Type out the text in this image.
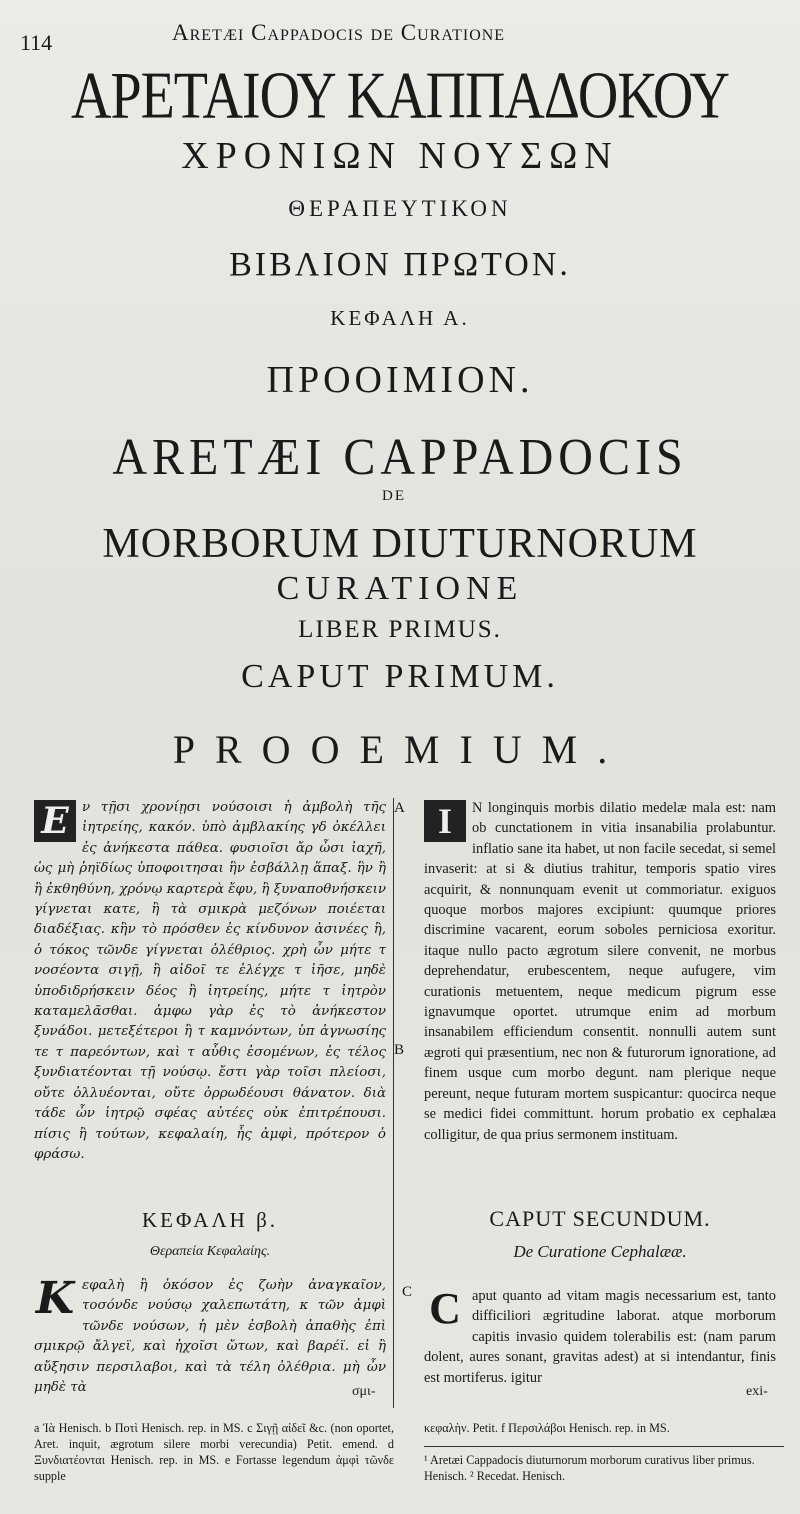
114	Aretæi Cappadocis de Curatione
ΑΡΕΤΑΙΟΥ ΚΑΠΠΑΔΟΚΟΥ
ΧΡΟΝΙΩΝ ΝΟΥΣΩΝ
ΘΕΡΑΠΕΥΤΙΚΟΝ
ΒΙΒΛΙΟΝ ΠΡΩΤΟΝ.
ΚΕΦΑΛΗ Α.
ΠΡΟΟΙΜΙΟΝ.
ARETÆI CAPPADOCIS
DE
MORBORUM DIUTURNORUM
CURATIONE
LIBER PRIMUS.
CAPUT PRIMUM.
PROOEMIUM.
A
B
C
Ε ν τῇσι χρονίῃσι νούσοισι ἡ ἀμβολὴ τῆς ἰητρείης, κακόν. ὑπὸ ἀμβλακίης γδ ὀκέλλει ἐς ἀνήκεστα πάθεα. φυσιοῖσι ἄρ ὦσι ἰαχῆ, ὡς μὴ ῥηϊδίως ὑποφοιτησαι ἣν ἐσβάλλῃ ἅπαξ. ἣν ἢ ἢ ἐκθηθύνη, χρόνῳ καρτερὰ ἔφυ, ἢ ξυναποθνήσκειν γίγνεται κατε, ἢ τὰ σμικρὰ μεζόνων ποιέεται διαδέξιας. κἢν τὸ πρόσθεν ἐς κίνδυνον ἀσινέες ἢ, ὁ τόκος τῶνδε γίγνεται ὀλέθριος. χρὴ ὦν μήτε τ νοσέοντα σιγῇ, ἢ αἰδοῖ τε ἐλέγχε τ ἰῆσε, μηδὲ ὑποδιδρήσκειν δέος ἢ ἰητρείης, μήτε τ ἰητρὸν καταμελᾶσθαι. ἀμφω γὰρ ἐς τὸ ἀνήκεστον ξυνάδοι. μετεξέτεροι ἢ τ καμνόντων, ὑπ ἀγνωσίης τε τ παρεόντων, καὶ τ αὖθις ἐσομένων, ἐς τέλος ξυνδιατέονται τῇ νούσῳ. ἔστι γὰρ τοῖσι πλείοσι, οὔτε ὀλλυέονται, οὔτε ὀρρωδέουσι θάνατον. διὰ τάδε ὦν ἰητρῷ σφέας αὐτέες οὐκ ἐπιτρέπουσι. πίσις ἢ τούτων, κεφαλαίη, ἧς ἀμφὶ, πρότερον ὁ φράσω.
ΚΕΦΑΛΗ β.
Θεραπεία Κεφαλαίης.
Κ εφαλὴ ἢ ὁκόσον ἐς ζωὴν ἀναγκαῖον, τοσόνδε νούσῳ χαλεπωτάτη, κ τῶν ἀμφὶ τῶνδε νούσων, ἡ μὲν ἐσβολὴ ἀπαθὴς ἐπὶ σμικρῷ ἄλγεϊ, καὶ ἠχοῖσι ὤτων, καὶ βαρέϊ. εἰ ἢ αὔξησιν περσιλαβοι, καὶ τὰ τέλη ὀλέθρια. μὴ ὦν μηδὲ τὰ	σμι-
a Ἰὰ Henisch. b Ποτὶ Henisch. rep. in MS. c Σιγῇ αἰδεῖ &c. (non oportet, Aret. inquit, ægrotum silere morbi verecundia) Petit. emend. d Ξυνδιατέονται Henisch. rep. in MS. e Fortasse legendum ἀμφὶ τῶνδε supple
I	N longinquis morbis dilatio medelæ mala est: nam ob cunctationem in vitia insanabilia prolabuntur. inflatio sane ita habet, ut non facile secedat, si semel invaserit: at si & diutius trahitur, temporis spatio vires acquirit, & nonnunquam evenit ut commoriatur. exiguos quoque morbos majores excipiunt: quumque priores discrimine vacarent, eorum soboles perniciosa exoritur. itaque nullo pacto ægrotum silere convenit, ne morbus deprehendatur, erubescentem, neque aufugere, vim curationis metuentem, neque medicum pigrum esse ignavumque oportet. utrumque enim ad morbum insanabilem efficiendum consentit. nonnulli autem sunt ægroti qui præsentium, nec non & futurorum ignoratione, ad finem usque cum morbo degunt. nam plerique neque pereunt, neque futuram mortem suspicantur: quocirca neque se medici fidei committunt. horum probatio ex cephalæa colligitur, de qua prius sermonem instituam.
CAPUT SECUNDUM.
De Curatione Cephalææ.
C aput quanto ad vitam magis necessarium est, tanto difficiliori ægritudine laborat. atque morborum capitis invasio quidem tolerabilis est: (nam parum dolent, aures sonant, gravitas adest) at si intendantur, finis est mortiferus. igitur
exi-
κεφαλὴν. Petit. f Περσιλάβοι Henisch. rep. in MS.
¹ Aretæi Cappadocis diuturnorum morborum curativus liber primus. Henisch. ² Recedat. Henisch.
